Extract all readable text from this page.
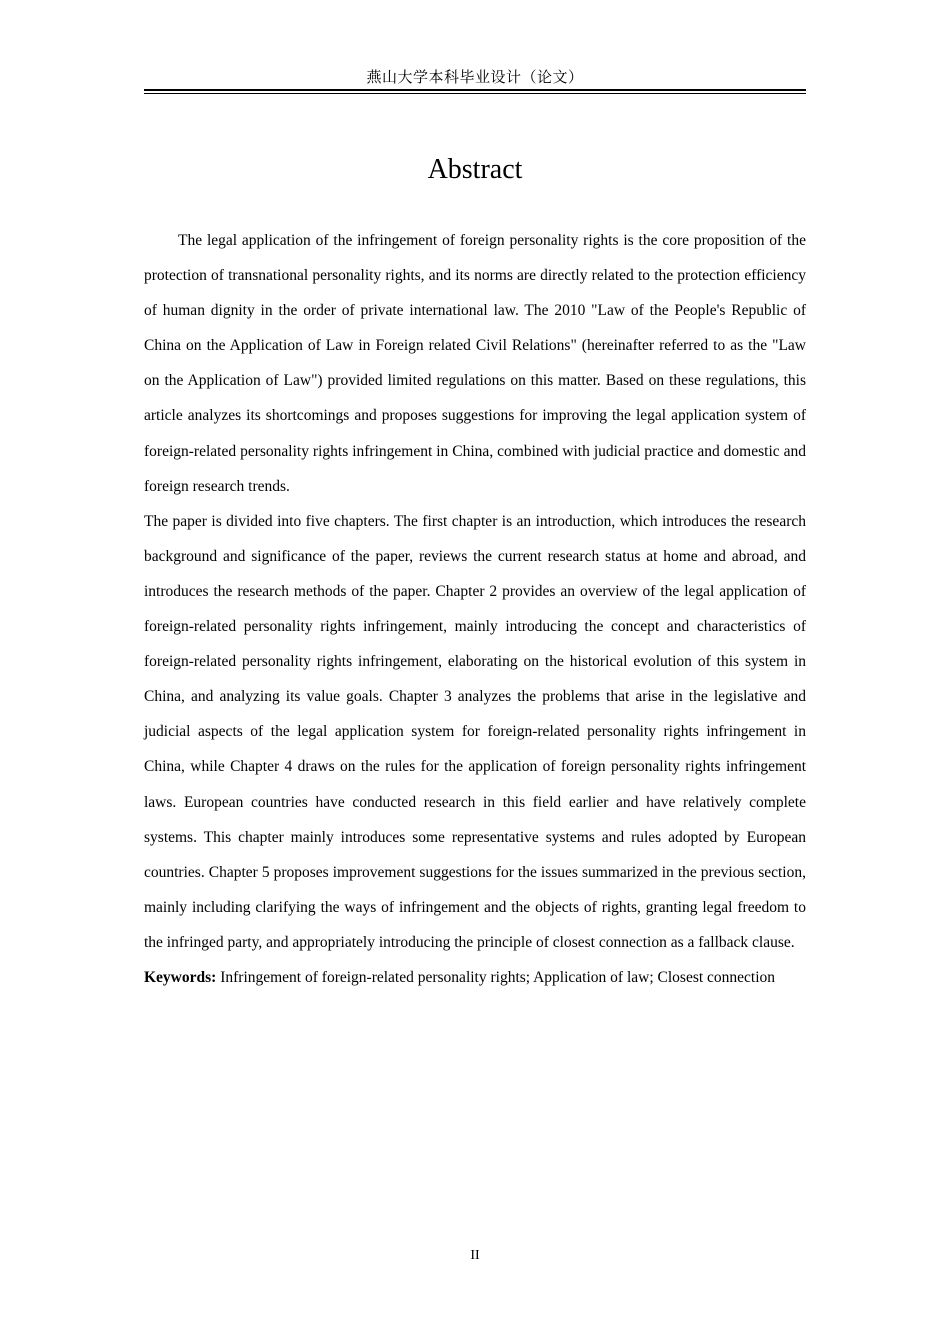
燕山大学本科毕业设计（论文）
Abstract

The legal application of the infringement of foreign personality rights is the core proposition of the protection of transnational personality rights, and its norms are directly related to the protection efficiency of human dignity in the order of private international law. The 2010 "Law of the People's Republic of China on the Application of Law in Foreign related Civil Relations" (hereinafter referred to as the "Law on the Application of Law") provided limited regulations on this matter. Based on these regulations, this article analyzes its shortcomings and proposes suggestions for improving the legal application system of foreign-related personality rights infringement in China, combined with judicial practice and domestic and foreign research trends.

The paper is divided into five chapters. The first chapter is an introduction, which introduces the research background and significance of the paper, reviews the current research status at home and abroad, and introduces the research methods of the paper. Chapter 2 provides an overview of the legal application of foreign-related personality rights infringement, mainly introducing the concept and characteristics of foreign-related personality rights infringement, elaborating on the historical evolution of this system in China, and analyzing its value goals. Chapter 3 analyzes the problems that arise in the legislative and judicial aspects of the legal application system for foreign-related personality rights infringement in China, while Chapter 4 draws on the rules for the application of foreign personality rights infringement laws. European countries have conducted research in this field earlier and have relatively complete systems. This chapter mainly introduces some representative systems and rules adopted by European countries. Chapter 5 proposes improvement suggestions for the issues summarized in the previous section, mainly including clarifying the ways of infringement and the objects of rights, granting legal freedom to the infringed party, and appropriately introducing the principle of closest connection as a fallback clause.

Keywords: Infringement of foreign-related personality rights; Application of law; Closest connection

II
